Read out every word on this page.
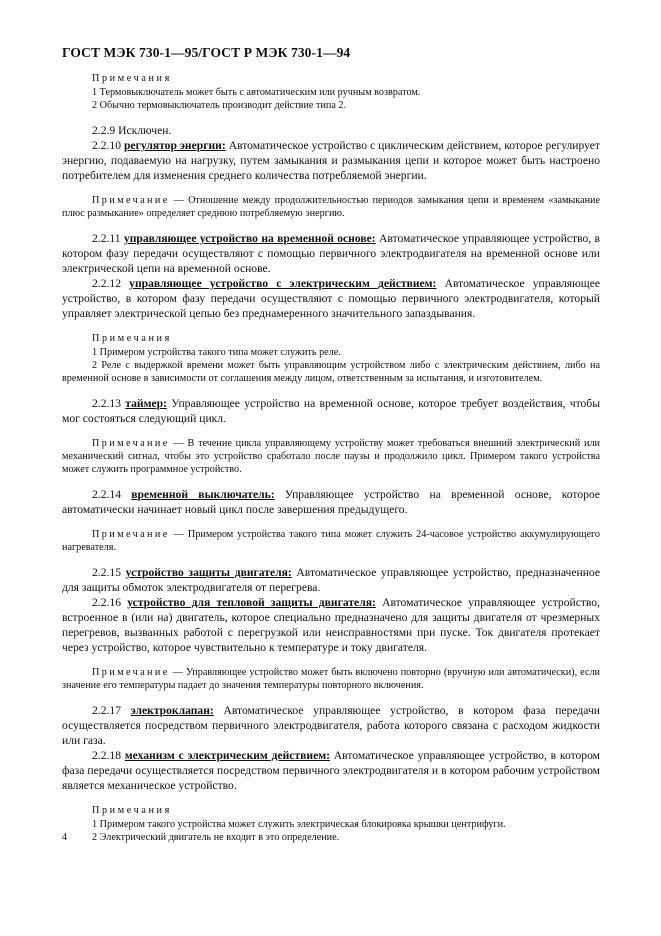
ГОСТ МЭК 730-1—95/ГОСТ Р МЭК 730-1—94
Примечания

1 Термовыключатель может быть с автоматическим или ручным возвратом.

2 Обычно термовыключатель производит действие типа 2.

2.2.9 Исключен.

2.2.10 регулятор энергии: Автоматическое устройство с циклическим действием, которое регулирует энергию, подаваемую на нагрузку, путем замыкания и размыкания цепи и которое может быть настроено потребителем для изменения среднего количества потребляемой энергии.

Примечание — Отношение между продолжительностью периодов замыкания цепи и временем «замыкание плюс размыкание» определяет среднюю потребляемую энергию.

2.2.11 управляющее устройство на временной основе: Автоматическое управляющее устройство, в котором фазу передачи осуществляют с помощью первичного электродвигателя на временной основе или электрической цепи на временной основе.

2.2.12 управляющее устройство с электрическим действием: Автоматическое управляющее устройство, в котором фазу передачи осуществляют с помощью первичного электродвигателя, который управляет электрической цепью без преднамеренного значительного запаздывания.

Примечания

1 Примером устройства такого типа может служить реле.

2 Реле с выдержкой времени может быть управляющим устройством либо с электрическим действием, либо на временной основе в зависимости от соглашения между лицом, ответственным за испытания, и изготовителем.

2.2.13 таймер: Управляющее устройство на временной основе, которое требует воздействия, чтобы мог состояться следующий цикл.

Примечание — В течение цикла управляющему устройству может требоваться внешний электрический или механический сигнал, чтобы это устройство сработало после паузы и продолжило цикл. Примером такого устройства может служить программное устройство.

2.2.14 временной выключатель: Управляющее устройство на временной основе, которое автоматически начинает новый цикл после завершения предыдущего.

Примечание — Примером устройства такого типа может служить 24-часовое устройство аккумулирующего нагревателя.

2.2.15 устройство защиты двигателя: Автоматическое управляющее устройство, предназначенное для защиты обмоток электродвигателя от перегрева.

2.2.16 устройство для тепловой защиты двигателя: Автоматическое управляющее устройство, встроенное в (или на) двигатель, которое специально предназначено для защиты двигателя от чрезмерных перегревов, вызванных работой с перегрузкой или неисправностями при пуске. Ток двигателя протекает через устройство, которое чувствительно к температуре и току двигателя.

Примечание — Управляющее устройство может быть включено повторно (вручную или автоматически), если значение его температуры падает до значения температуры повторного включения.

2.2.17 электроклапан: Автоматическое управляющее устройство, в котором фаза передачи осуществляется посредством первичного электродвигателя, работа которого связана с расходом жидкости или газа.

2.2.18 механизм с электрическим действием: Автоматическое управляющее устройство, в котором фаза передачи осуществляется посредством первичного электродвигателя и в котором рабочим устройством является механическое устройство.

Примечания

1 Примером такого устройства может служить электрическая блокировка крышки центрифуги.

2 Электрический двигатель не входит в это определение.

4
